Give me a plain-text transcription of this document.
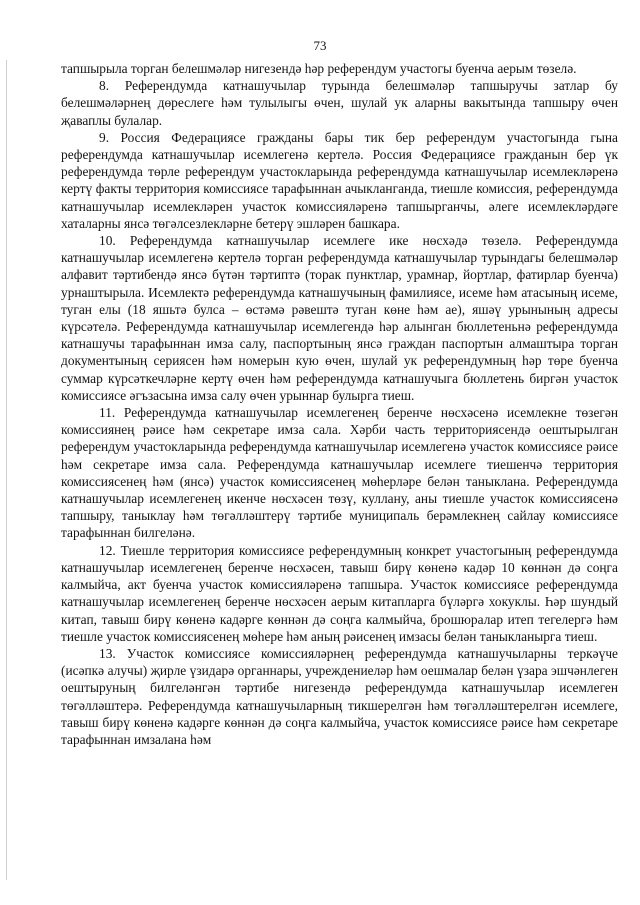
73

тапшырыла торган белешмәләр нигезендә һәр референдум участогы буенча аерым төзелә.

8. Референдумда катнашучылар турында белешмәләр тапшыручы затлар бу белешмәләрнең дөреслеге һәм тулылыгы өчен, шулай ук аларны вакытында тапшыру өчен җаваплы булалар.

9. Россия Федерациясе гражданы бары тик бер референдум участогында гына референдумда катнашучылар исемлегенә кертелә. Россия Федерациясе гражданын бер үк референдумда төрле референдум участокларында референдумда катнашучылар исемлекләренә кертү факты территория комиссиясе тарафыннан ачыкланганда, тиешле комиссия, референдумда катнашучылар исемлекләрен участок комиссияләренә тапшырганчы, әлеге исемлекләрдәге хаталарны янсә төгәлсезлекләрне бетерү эшләрен башкара.

10. Референдумда катнашучылар исемлеге ике нөсхәдә төзелә. Референдумда катнашучылар исемлегенә кертелә торган референдумда катнашучылар турындагы белешмәләр алфавит тәртибендә янсә бүтән тәртиптә (торак пунктлар, урамнар, йортлар, фатирлар буенча) урнаштырыла. Исемлектә референдумда катнашучының фамилиясе, исеме һәм атасының исеме, туган елы (18 яшьтә булса – өстәмә рәвештә туган көне һәм ае), яшәү урынының адресы күрсәтелә. Референдумда катнашучылар исемлегендә һәр алынган бюллетеньнә референдумда катнашучы тарафыннан имза салу, паспортының янсә граждан паспортын алмаштыра торган документының сериясен һәм номерын кую өчен, шулай ук референдумның һәр төре буенча суммар күрсәткечләрне кертү өчен һәм референдумда катнашучыга бюллетень биргән участок комиссиясе әгъзасына имза салу өчен урыннар булырга тиеш.

11. Референдумда катнашучылар исемлегенең беренче нөсхәсенә исемлекне төзегән комиссиянең рәисе һәм секретаре имза сала. Хәрби часть территориясендә оештырылган референдум участокларында референдумда катнашучылар исемлегенә участок комиссиясе рәисе һәм секретаре имза сала. Референдумда катнашучылар исемлеге тиешенчә территория комиссиясенең һәм (янсә) участок комиссиясенең мөһерләре белән таныклана. Референдумда катнашучылар исемлегенең икенче нөсхәсен төзү, куллану, аны тиешле участок комиссиясенә тапшыру, таныклау һәм төгәлләштерү тәртибе муниципаль берәмлекнең сайлау комиссиясе тарафыннан билгеләнә.

12. Тиешле территория комиссиясе референдумның конкрет участогының референдумда катнашучылар исемлегенең беренче нөсхәсен, тавыш бирү көненә кадәр 10 көннән дә соңга калмыйча, акт буенча участок комиссияләренә тапшыра. Участок комиссиясе референдумда катнашучылар исемлегенең беренче нөсхәсен аерым китапларга бүләргә хокуклы. Һәр шундый китап, тавыш бирү көненә кадәрге көннән дә соңга калмыйча, брошюралар итеп тегелергә һәм тиешле участок комиссиясенең мөһере һәм аның рәисенең имзасы белән таныкланырга тиеш.

13. Участок комиссиясе комиссияләрнең референдумда катнашучыларны теркәүче (исәпкә алучы) җирле үзидарә органнары, учреждениеләр һәм оешмалар белән үзара эшчәнлеген оештыруның билгеләнгән тәртибе нигезендә референдумда катнашучылар исемлеген төгәлләштерә. Референдумда катнашучыларның тикшерелгән һәм төгәлләштерелгән исемлеге, тавыш бирү көненә кадәрге көннән дә соңга калмыйча, участок комиссиясе рәисе һәм секретаре тарафыннан имзалана һәм
